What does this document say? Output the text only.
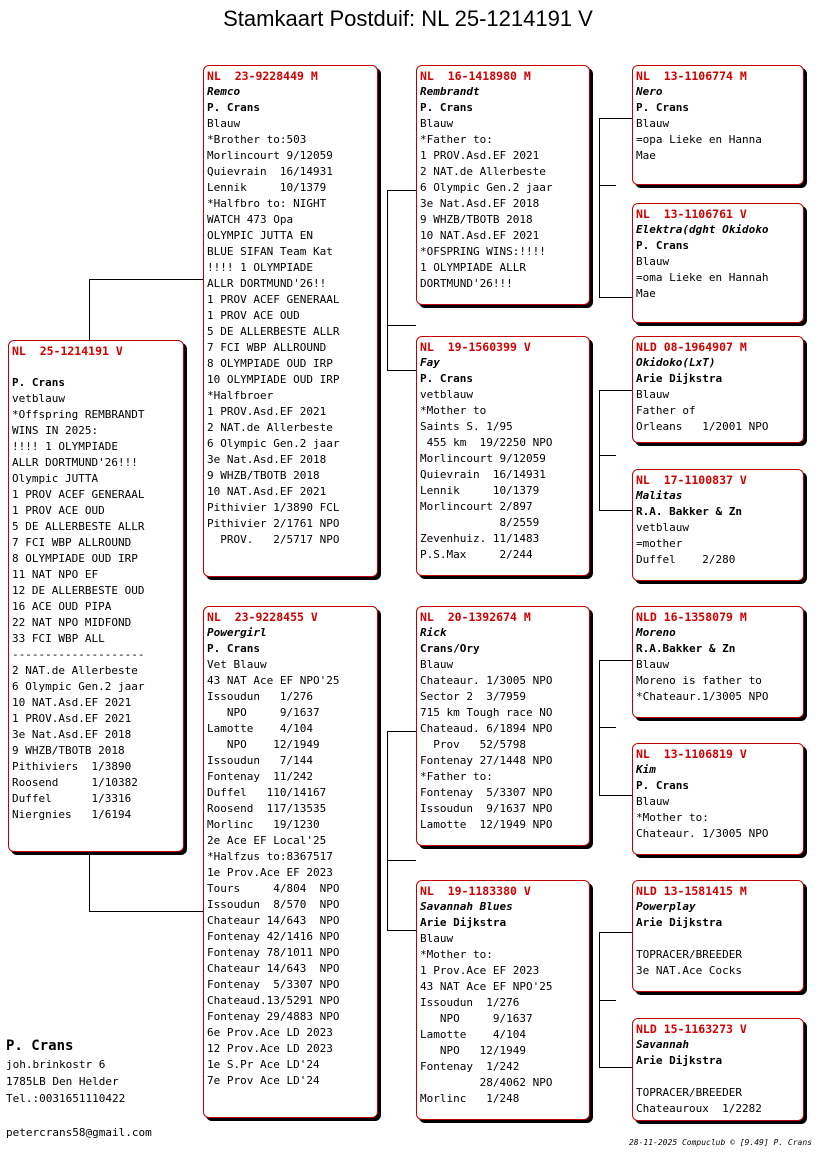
Stamkaart Postduif: NL 25-1214191 V
NL  25-1214191 V
P. Crans
vetblauw
*Offspring REMBRANDT
WINS IN 2025:
!!!! 1 OLYMPIADE
ALLR DORTMUND'26!!!
Olympic JUTTA
1 PROV ACEF GENERAAL
1 PROV ACE OUD
5 DE ALLERBESTE ALLR
7 FCI WBP ALLROUND
8 OLYMPIADE OUD IRP
11 NAT NPO EF
12 DE ALLERBESTE OUD
16 ACE OUD PIPA
22 NAT NPO MIDFOND
33 FCI WBP ALL
--------------------
2 NAT.de Allerbeste
6 Olympic Gen.2 jaar
10 NAT.Asd.EF 2021
1 PROV.Asd.EF 2021
3e Nat.Asd.EF 2018
9 WHZB/TBOTB 2018
Pithiviers  1/3890
Roosend     1/10382
Duffel      1/3316
Niergnies   1/6194
NL  23-9228449 M
Remco
P. Crans
Blauw
*Brother to:503
Morlincourt 9/12059
Quievrain  16/14931
Lennik     10/1379
*Halfbro to: NIGHT
WATCH 473 Opa
OLYMPIC JUTTA EN
BLUE SIFAN Team Kat
!!!! 1 OLYMPIADE
ALLR DORTMUND'26!!
1 PROV ACEF GENERAAL
1 PROV ACE OUD
5 DE ALLERBESTE ALLR
7 FCI WBP ALLROUND
8 OLYMPIADE OUD IRP
10 OLYMPIADE OUD IRP
*Halfbroer
1 PROV.Asd.EF 2021
2 NAT.de Allerbeste
6 Olympic Gen.2 jaar
3e Nat.Asd.EF 2018
9 WHZB/TBOTB 2018
10 NAT.Asd.EF 2021
Pithivier 1/3890 FCL
Pithivier 2/1761 NPO
PROV.   2/5717 NPO
NL  23-9228455 V
Powergirl
P. Crans
Vet Blauw
43 NAT Ace EF NPO'25
Issoudun   1/276
NPO     9/1637
Lamotte    4/104
NPO    12/1949
Issoudun   7/144
Fontenay  11/242
Duffel   110/14167
Roosend  117/13535
Morlinc   19/1230
2e Ace EF Local'25
*Halfzus to:8367517
1e Prov.Ace EF 2023
Tours     4/804  NPO
Issoudun  8/570  NPO
Chateaur 14/643  NPO
Fontenay 42/1416 NPO
Fontenay 78/1011 NPO
Chateaur 14/643  NPO
Fontenay  5/3307 NPO
Chateaud.13/5291 NPO
Fontenay 29/4883 NPO
6e Prov.Ace LD 2023
12 Prov.Ace LD 2023
1e S.Pr Ace LD'24
7e Prov Ace LD'24
NL  16-1418980 M
Rembrandt
P. Crans
Blauw
*Father to:
1 PROV.Asd.EF 2021
2 NAT.de Allerbeste
6 Olympic Gen.2 jaar
3e Nat.Asd.EF 2018
9 WHZB/TBOTB 2018
10 NAT.Asd.EF 2021
*OFSPRING WINS:!!!!
1 OLYMPIADE ALLR
DORTMUND'26!!!
NL  19-1560399 V
Fay
P. Crans
vetblauw
*Mother to
Saints S. 1/95
455 km  19/2250 NPO
Morlincourt 9/12059
Quievrain  16/14931
Lennik     10/1379
Morlincourt 2/897
8/2559
Zevenhuiz. 11/1483
P.S.Max     2/244
NL  20-1392674 M
Rick
Crans/Ory
Blauw
Chateaur. 1/3005 NPO
Sector 2  3/7959
715 km Tough race NO
Chateaud. 6/1894 NPO
Prov   52/5798
Fontenay 27/1448 NPO
*Father to:
Fontenay  5/3307 NPO
Issoudun  9/1637 NPO
Lamotte  12/1949 NPO
NL  19-1183380 V
Savannah Blues
Arie Dijkstra
Blauw
*Mother to:
1 Prov.Ace EF 2023
43 NAT Ace EF NPO'25
Issoudun  1/276
NPO     9/1637
Lamotte    4/104
NPO   12/1949
Fontenay  1/242
28/4062 NPO
Morlinc   1/248
NL  13-1106774 M
Nero
P. Crans
Blauw
=opa Lieke en Hanna
Mae
NL  13-1106761 V
Elektra(dght Okidoko
P. Crans
Blauw
=oma Lieke en Hannah
Mae
NLD 08-1964907 M
Okidoko(LxT)
Arie Dijkstra
Blauw
Father of
Orleans   1/2001 NPO
NL  17-1100837 V
Malitas
R.A. Bakker & Zn
vetblauw
=mother
Duffel    2/280
NLD 16-1358079 M
Moreno
R.A.Bakker & Zn
Blauw
Moreno is father to
*Chateaur.1/3005 NPO
NL  13-1106819 V
Kim
P. Crans
Blauw
*Mother to:
Chateaur. 1/3005 NPO
NLD 13-1581415 M
Powerplay
Arie Dijkstra
TOPRACER/BREEDER
3e NAT.Ace Cocks
NLD 15-1163273 V
Savannah
Arie Dijkstra
TOPRACER/BREEDER
Chateauroux  1/2282
P. Crans
joh.brinkostr 6
1785LB Den Helder
Tel.:0031651110422
petercrans58@gmail.com
28-11-2025 Compuclub © [9.49] P. Crans
